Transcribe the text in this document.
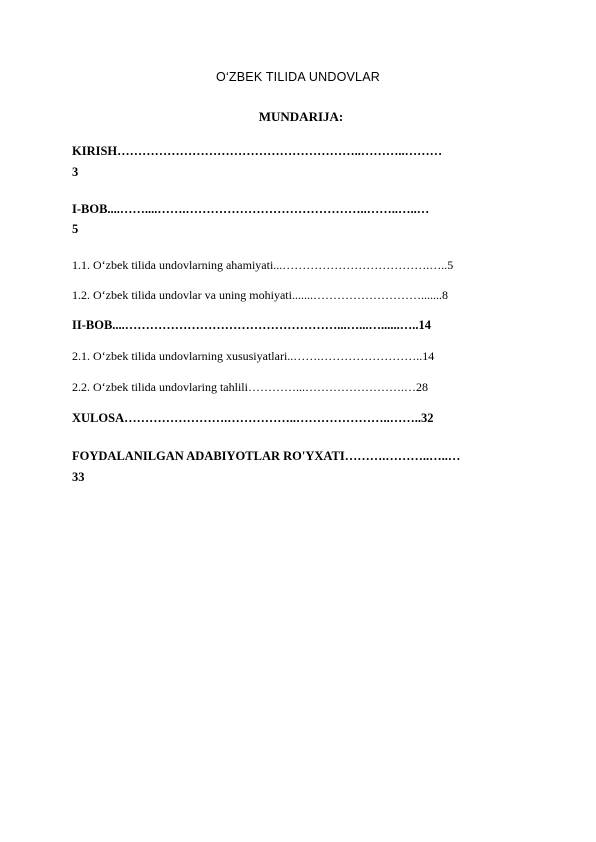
O‘ZBEK TILIDA UNDOVLAR
MUNDARIJA:
KIRISH…………………………………………………..………..………
3
I-BOB....……....…….……………………………………..……..…..…
5
1.1. O‘zbek tilida undovlarning ahamiyati...……………………………….…..5
1.2. O‘zbek tilida undovlar va uning mohiyati.......……………………….......8
II-BOB....……………………………………………...…...…......…..14
2.1. O‘zbek tilida undovlarning xususiyatlari..…….……………………..14
2.2. O‘zbek tilida undovlaring tahlili…………...…………………….…28
XULOSA…………………….……………..…………………..……..32
FOYDALANILGAN ADABIYOTLAR RO'YXATI……….………..…..…
33
